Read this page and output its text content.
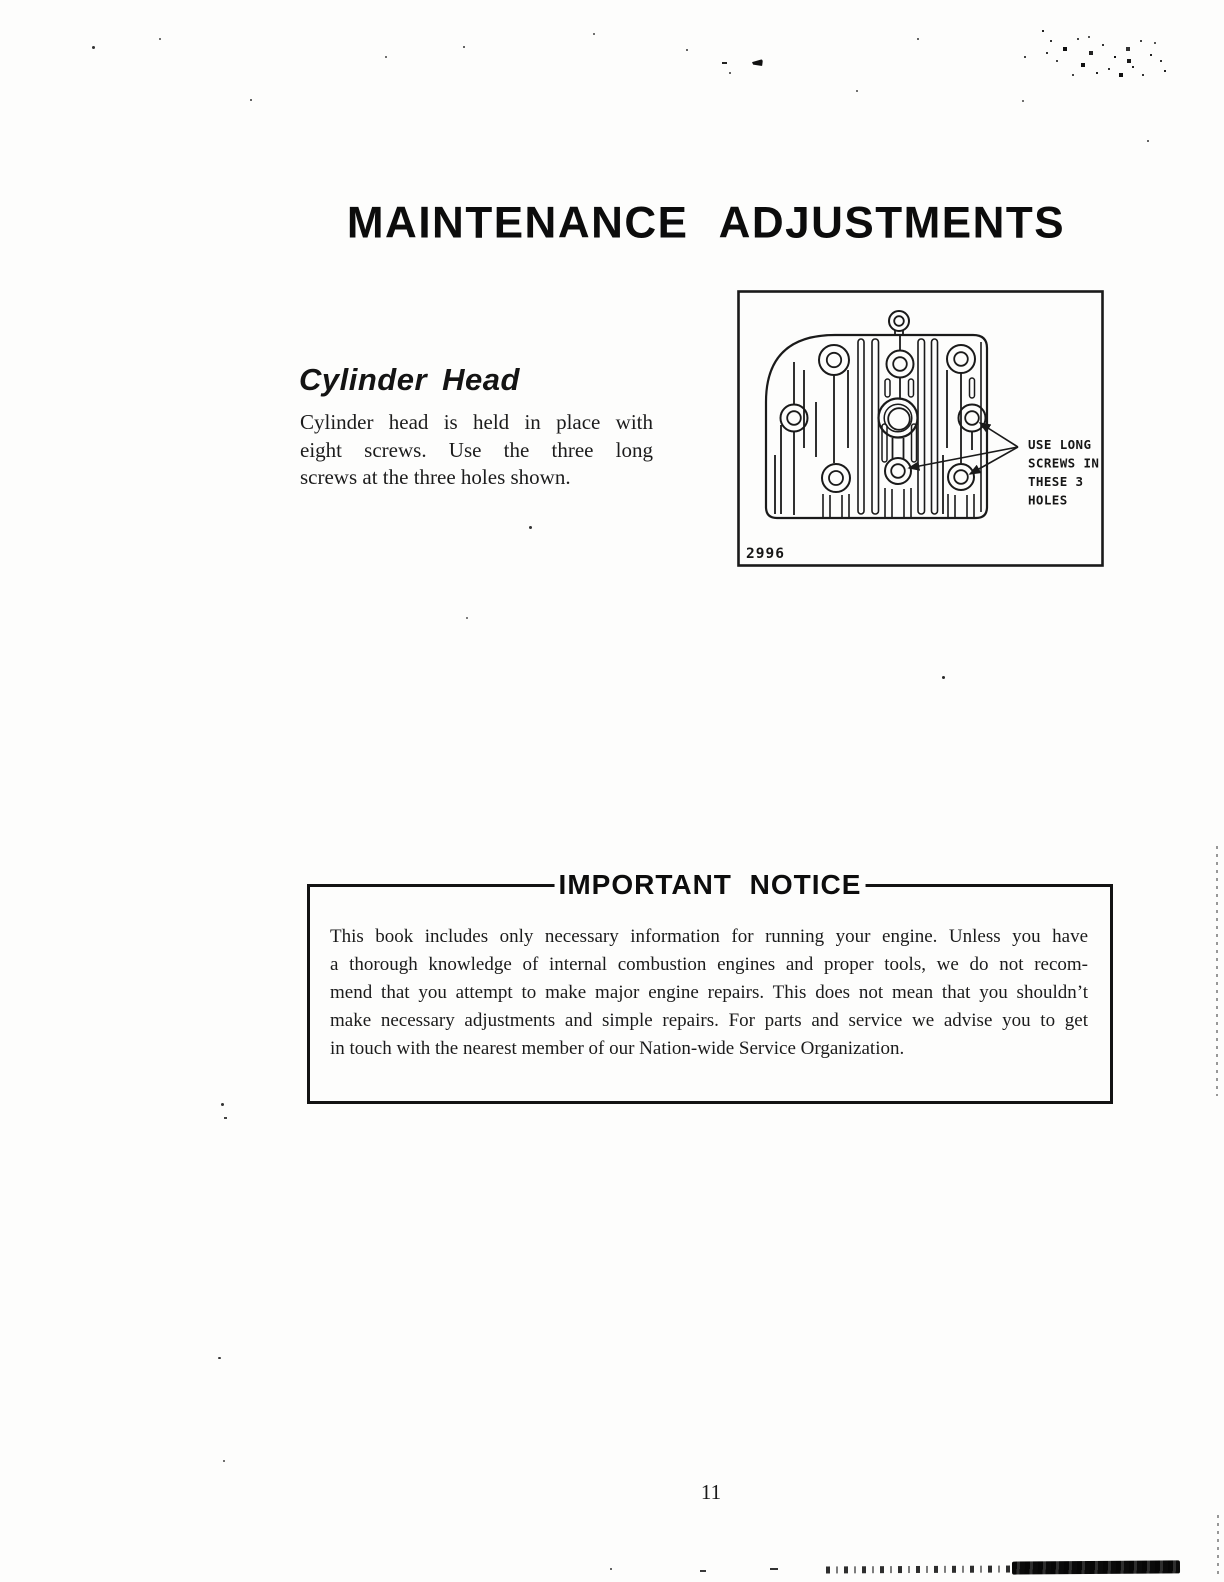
MAINTENANCE ADJUSTMENTS
Cylinder Head
Cylinder head is held in place with
eight screws. Use the three long
screws at the three holes shown.
USE LONG
SCREWS IN
THESE 3
HOLES
2996
IMPORTANT NOTICE
This book includes only necessary information for running your engine. Unless you have
a thorough knowledge of internal combustion engines and proper tools, we do not recom-
mend that you attempt to make major engine repairs. This does not mean that you shouldn’t
make necessary adjustments and simple repairs. For parts and service we advise you to get
in touch with the nearest member of our Nation-wide Service Organization.
11
